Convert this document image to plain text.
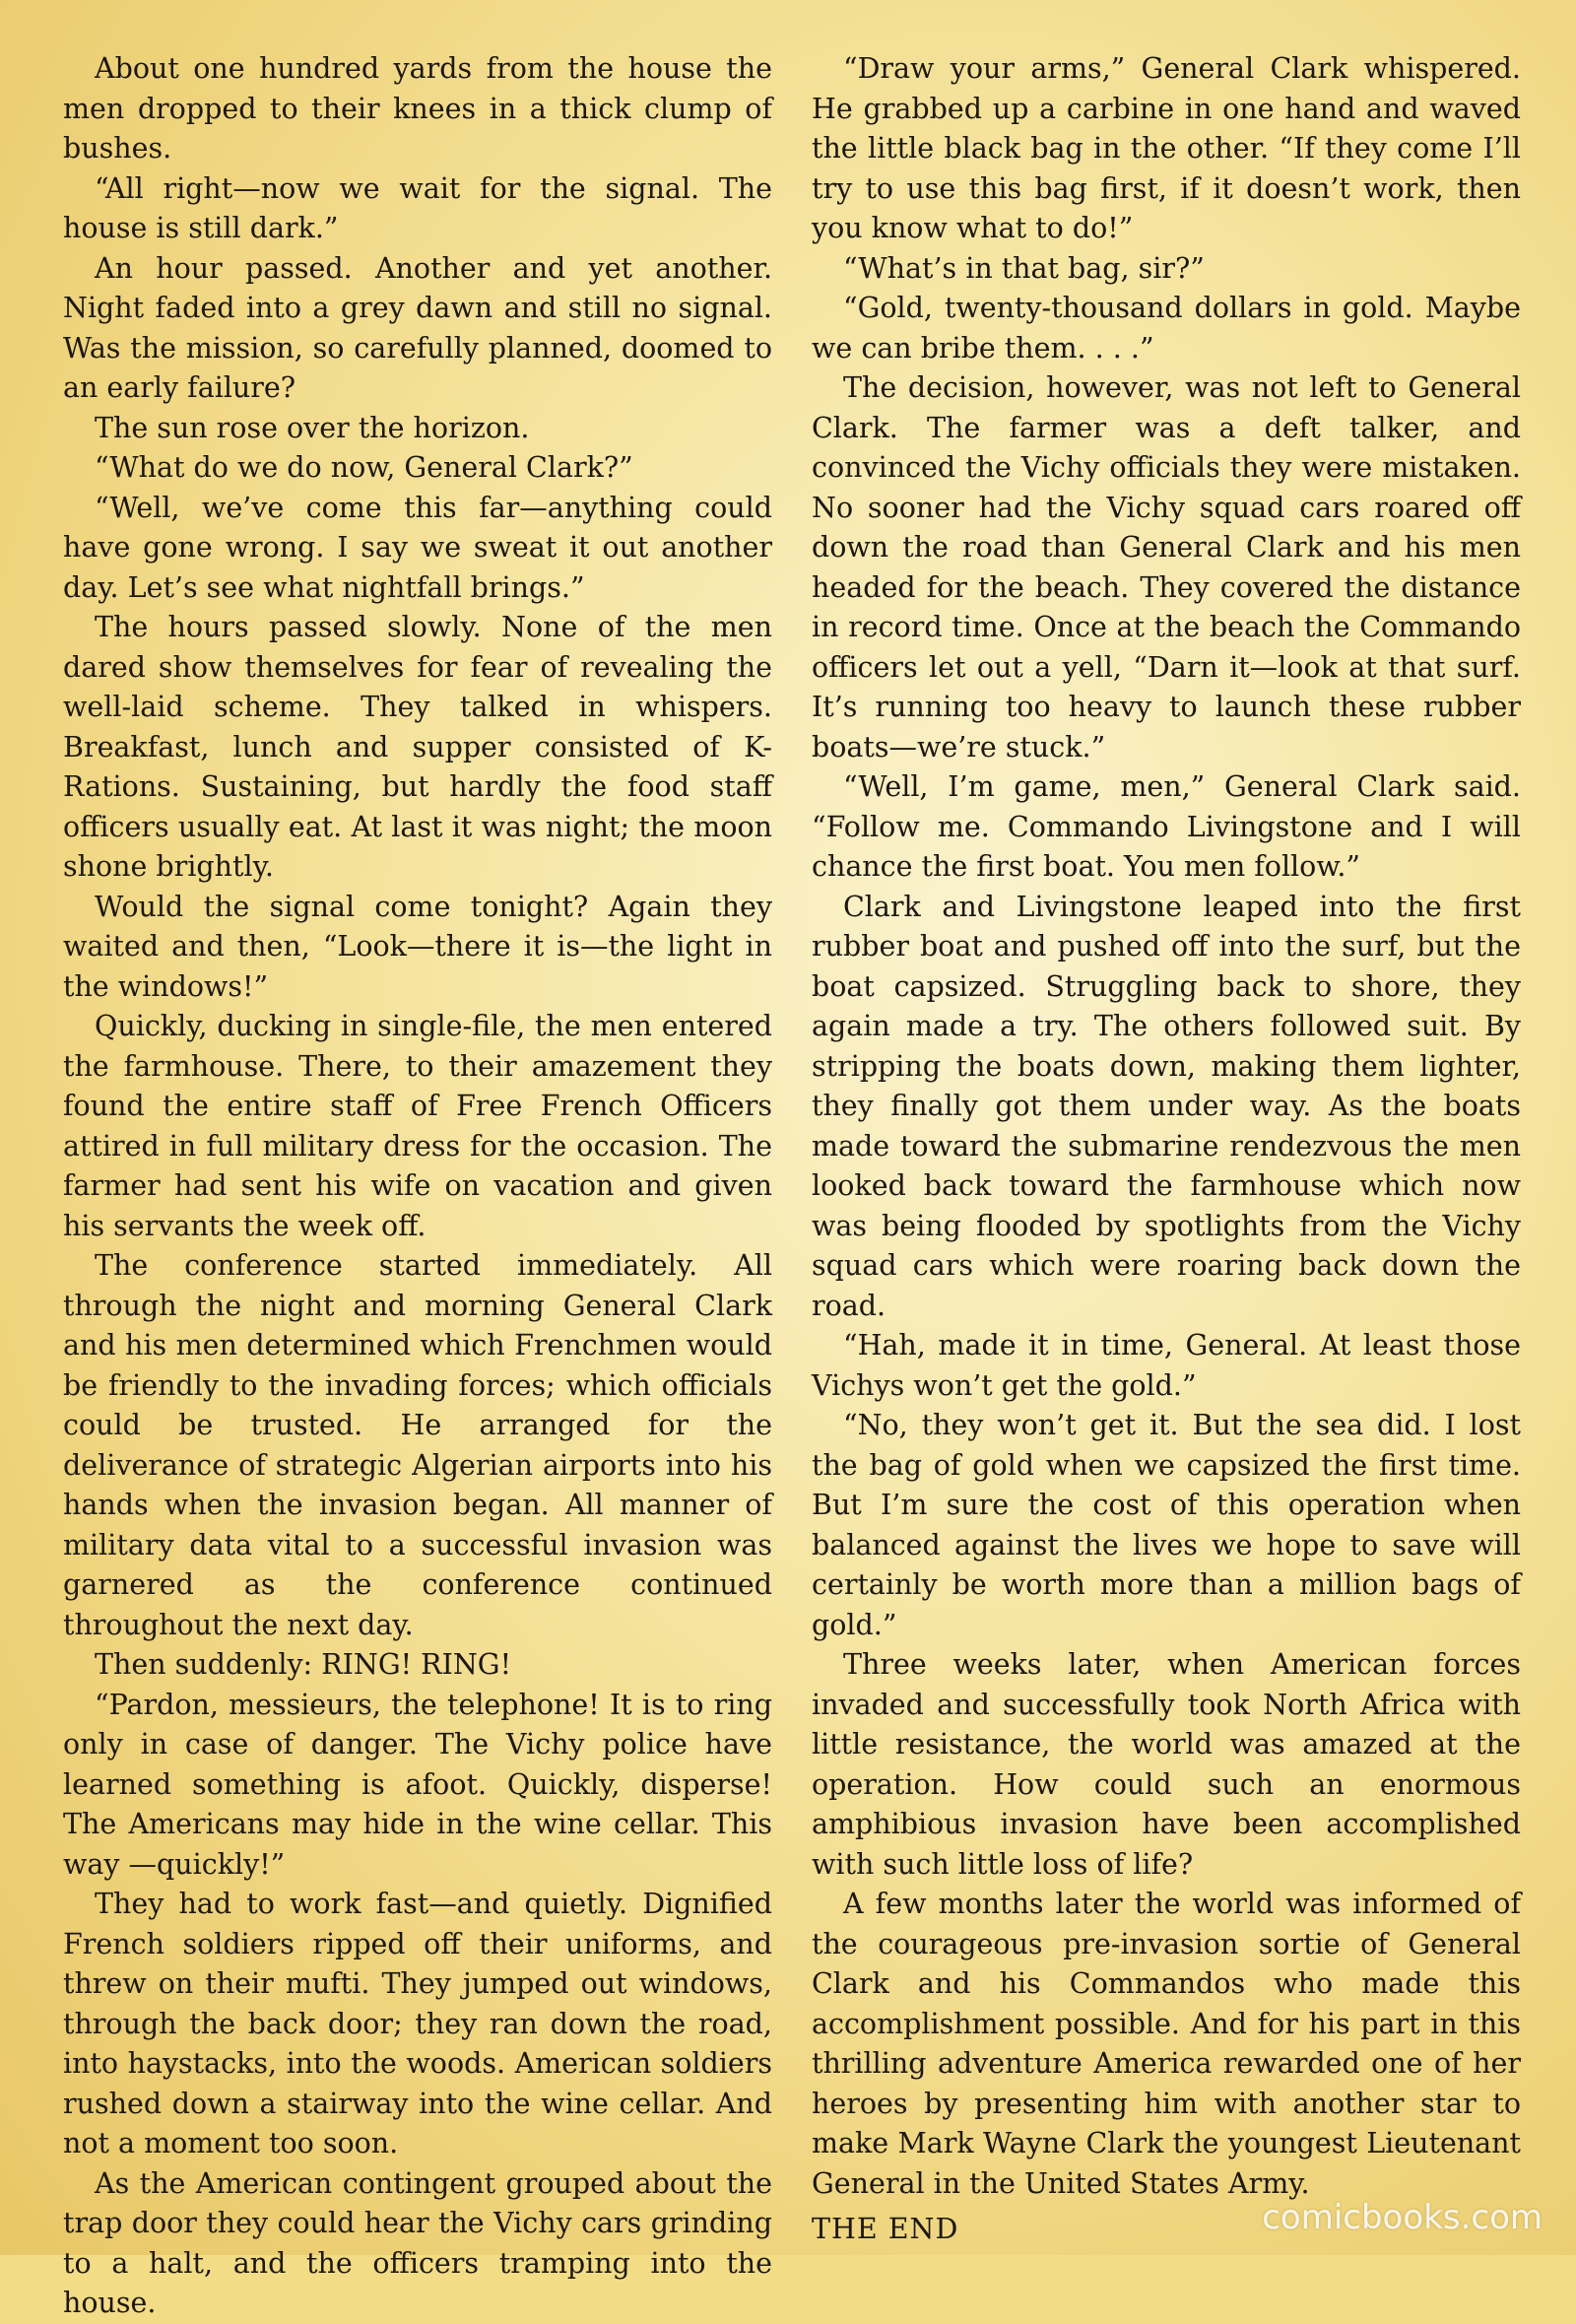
About one hundred yards from the house the men dropped to their knees in a thick clump of bushes.

“All right—now we wait for the signal. The house is still dark.”

An hour passed. Another and yet another. Night faded into a grey dawn and still no signal. Was the mission, so carefully planned, doomed to an early failure?

The sun rose over the horizon.

“What do we do now, General Clark?”

“Well, we’ve come this far—anything could have gone wrong. I say we sweat it out another day. Let’s see what nightfall brings.”

The hours passed slowly. None of the men dared show themselves for fear of revealing the well-laid scheme. They talked in whispers. Breakfast, lunch and supper consisted of K-Rations. Sustaining, but hardly the food staff officers usually eat. At last it was night; the moon shone brightly.

Would the signal come tonight? Again they waited and then, “Look—there it is—the light in the windows!”

Quickly, ducking in single-file, the men entered the farmhouse. There, to their amazement they found the entire staff of Free French Officers attired in full military dress for the occasion. The farmer had sent his wife on vacation and given his servants the week off.

The conference started immediately. All through the night and morning General Clark and his men determined which Frenchmen would be friendly to the invading forces; which officials could be trusted. He arranged for the deliverance of strategic Algerian airports into his hands when the invasion began. All manner of military data vital to a successful invasion was garnered as the conference continued throughout the next day.

Then suddenly: RING! RING!

“Pardon, messieurs, the telephone! It is to ring only in case of danger. The Vichy police have learned something is afoot. Quickly, disperse! The Americans may hide in the wine cellar. This way —quickly!”

They had to work fast—and quietly. Dignified French soldiers ripped off their uniforms, and threw on their mufti. They jumped out windows, through the back door; they ran down the road, into haystacks, into the woods. American soldiers rushed down a stairway into the wine cellar. And not a moment too soon.

As the American contingent grouped about the trap door they could hear the Vichy cars grinding to a halt, and the officers tramping into the house.

“Draw your arms,” General Clark whispered. He grabbed up a carbine in one hand and waved the little black bag in the other. “If they come I’ll try to use this bag first, if it doesn’t work, then you know what to do!”

“What’s in that bag, sir?”

“Gold, twenty-thousand dollars in gold. Maybe we can bribe them. . . .”

The decision, however, was not left to General Clark. The farmer was a deft talker, and convinced the Vichy officials they were mistaken. No sooner had the Vichy squad cars roared off down the road than General Clark and his men headed for the beach. They covered the distance in record time. Once at the beach the Commando officers let out a yell, “Darn it—look at that surf. It’s running too heavy to launch these rubber boats—we’re stuck.”

“Well, I’m game, men,” General Clark said. “Follow me. Commando Livingstone and I will chance the first boat. You men follow.”

Clark and Livingstone leaped into the first rubber boat and pushed off into the surf, but the boat capsized. Struggling back to shore, they again made a try. The others followed suit. By stripping the boats down, making them lighter, they finally got them under way. As the boats made toward the submarine rendezvous the men looked back toward the farmhouse which now was being flooded by spotlights from the Vichy squad cars which were roaring back down the road.

“Hah, made it in time, General. At least those Vichys won’t get the gold.”

“No, they won’t get it. But the sea did. I lost the bag of gold when we capsized the first time. But I’m sure the cost of this operation when balanced against the lives we hope to save will certainly be worth more than a million bags of gold.”

Three weeks later, when American forces invaded and successfully took North Africa with little resistance, the world was amazed at the operation. How could such an enormous amphibious invasion have been accomplished with such little loss of life?

A few months later the world was informed of the courageous pre-invasion sortie of General Clark and his Commandos who made this accomplishment possible. And for his part in this thrilling adventure America rewarded one of her heroes by presenting him with another star to make Mark Wayne Clark the youngest Lieutenant General in the United States Army.

THE END	comicbooks.com
